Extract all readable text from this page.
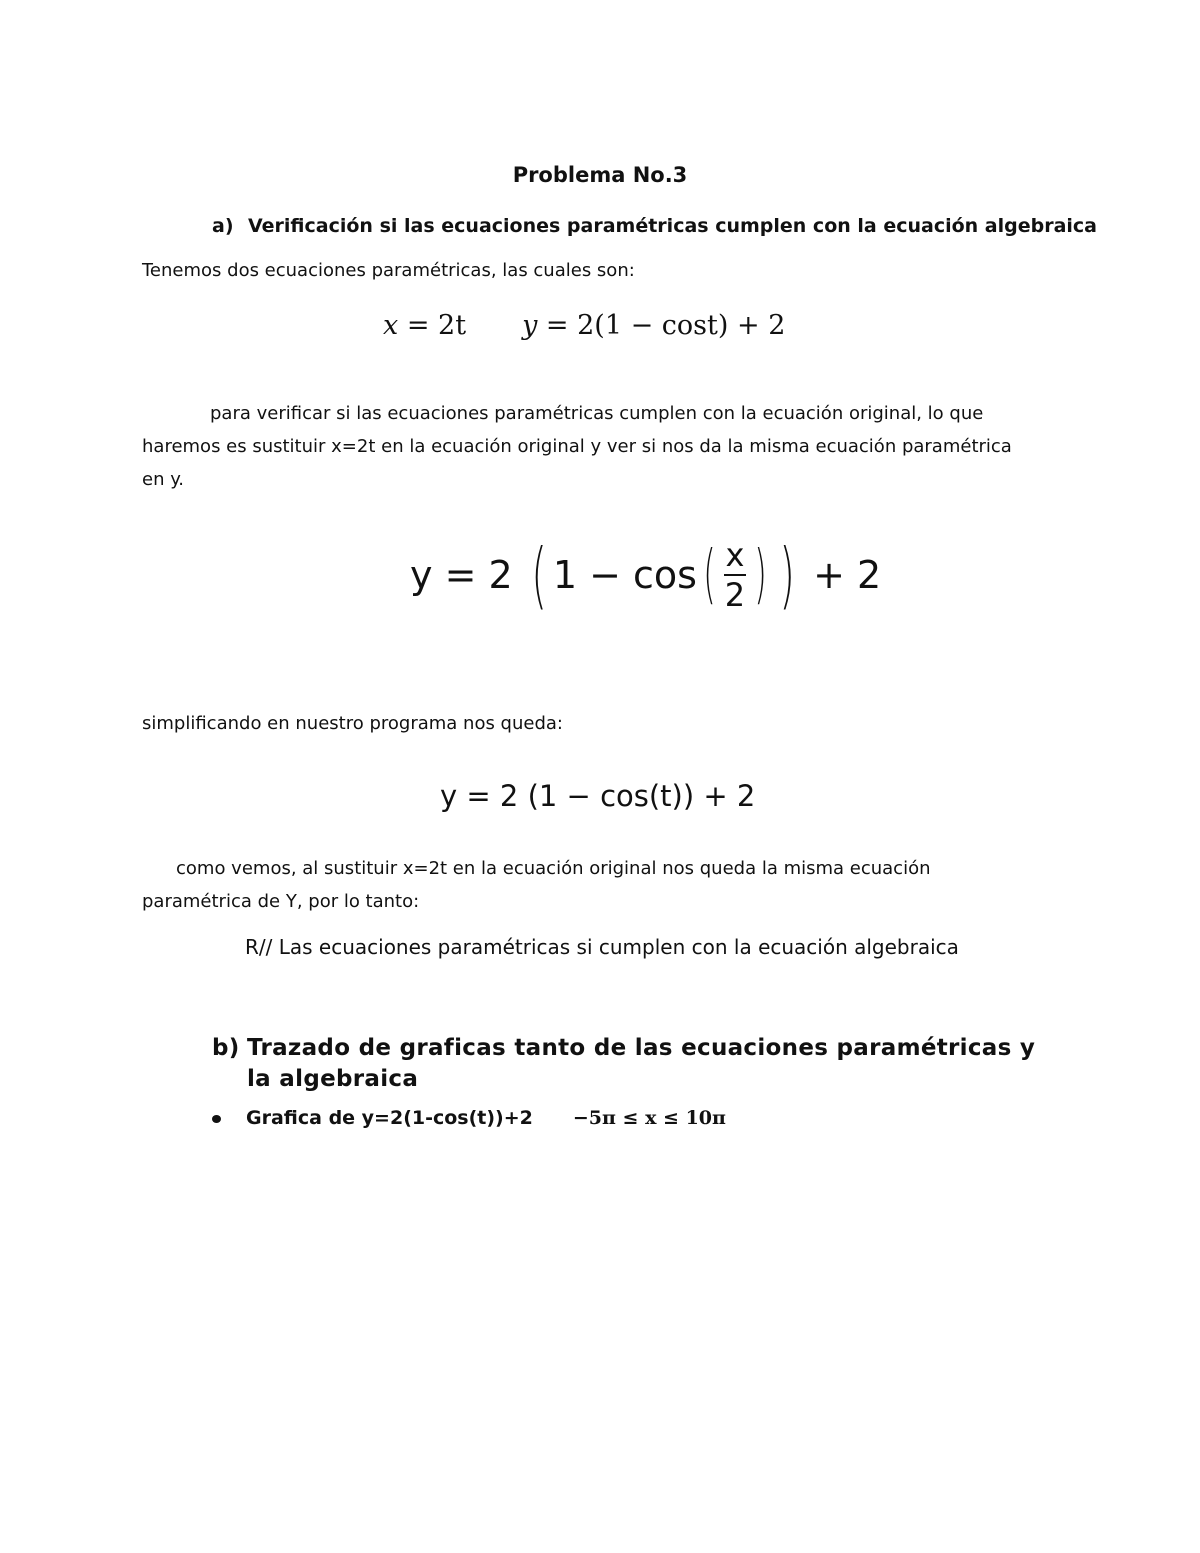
Problema No.3
a) Verificación si las ecuaciones paramétricas cumplen con la ecuación algebraica
Tenemos dos ecuaciones paramétricas, las cuales son:
x = 2t y = 2(1 − cost) + 2
para verificar si las ecuaciones paramétricas cumplen con la ecuación original, lo que
haremos es sustituir x=2t en la ecuación original y ver si nos da la misma ecuación paramétrica
en y.
y = 2 ( $1 - \cos( \frac{x}{2}$ ) ) + 2
simplificando en nuestro programa nos queda:
y = 2 (1 − cos(t)) + 2
como vemos, al sustituir x=2t en la ecuación original nos queda la misma ecuación
paramétrica de Y, por lo tanto:
R// Las ecuaciones paramétricas si cumplen con la ecuación algebraica
b) Trazado de graficas tanto de las ecuaciones paramétricas y la algebraica
Grafica de y=2(1-cos(t))+2 −5π ≤ x ≤ 10π
